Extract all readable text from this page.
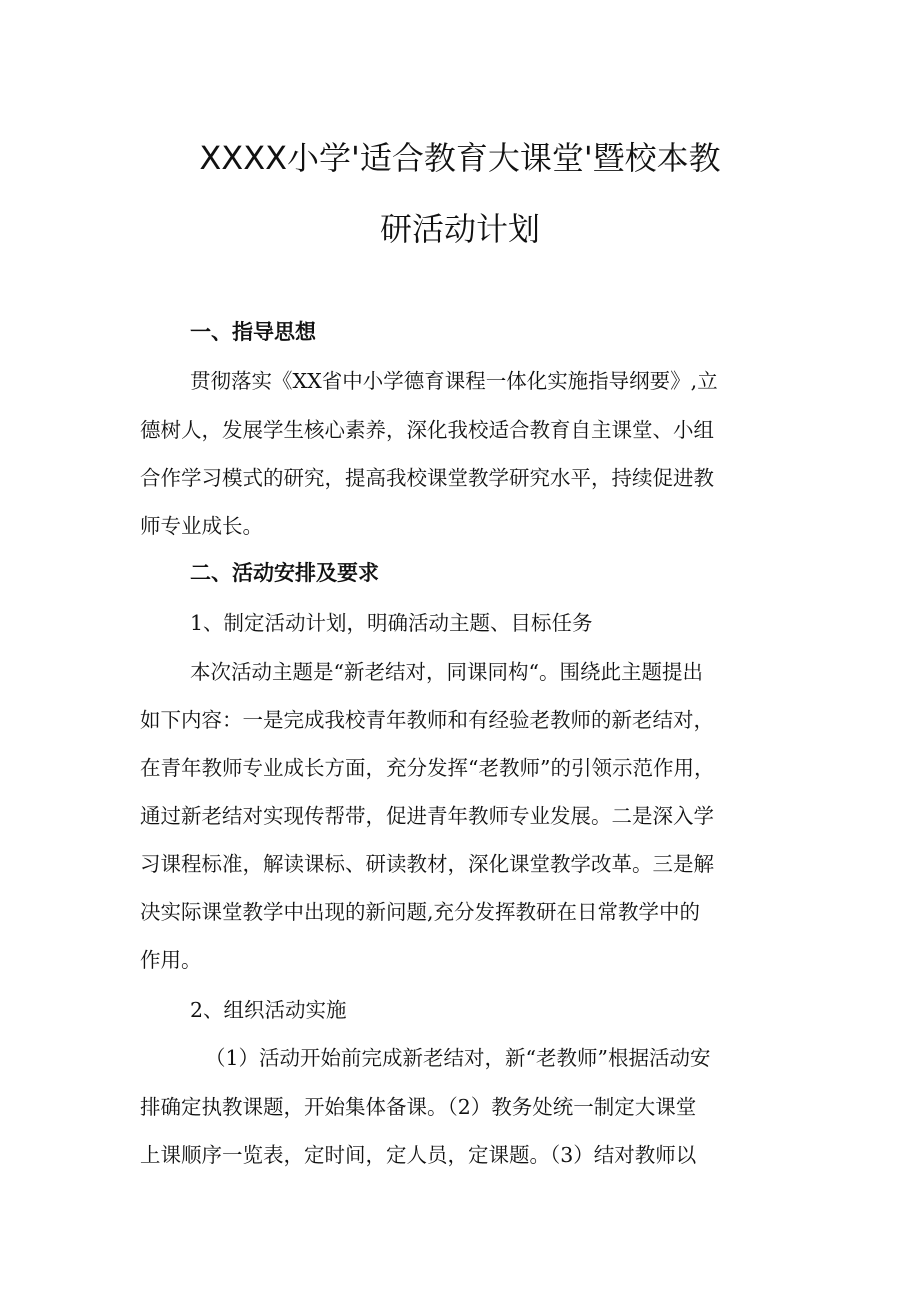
XXXX小学'适合教育大课堂'暨校本教
研活动计划
一、指导思想
贯彻落实《XX省中小学德育课程一体化实施指导纲要》,立
德树人，发展学生核心素养，深化我校适合教育自主课堂、小组
合作学习模式的研究，提高我校课堂教学研究水平，持续促进教
师专业成长。
二、活动安排及要求
1、制定活动计划，明确活动主题、目标任务
本次活动主题是“新老结对，同课同构“。围绕此主题提出
如下内容：一是完成我校青年教师和有经验老教师的新老结对，
在青年教师专业成长方面，充分发挥“老教师”的引领示范作用，
通过新老结对实现传帮带，促进青年教师专业发展。二是深入学
习课程标准，解读课标、研读教材，深化课堂教学改革。三是解
决实际课堂教学中出现的新问题,充分发挥教研在日常教学中的
作用。
2、组织活动实施
（1）活动开始前完成新老结对，新“老教师”根据活动安
排确定执教课题，开始集体备课。（2）教务处统一制定大课堂
上课顺序一览表，定时间，定人员，定课题。（3）结对教师以
